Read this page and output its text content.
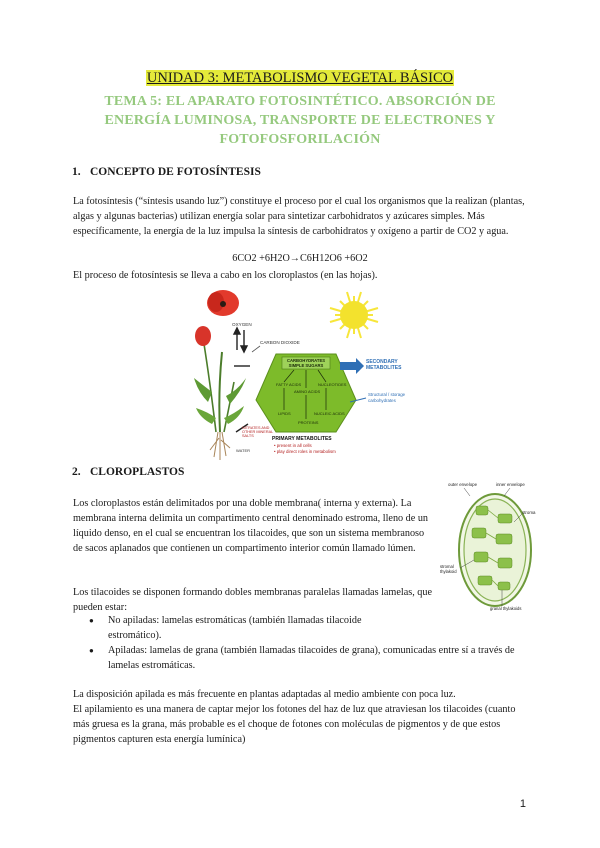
UNIDAD 3: METABOLISMO VEGETAL BÁSICO
TEMA 5: EL APARATO FOTOSINTÉTICO. ABSORCIÓN DE
ENERGÍA LUMINOSA, TRANSPORTE DE ELECTRONES Y
FOTOFOSFORILACIÓN
1. CONCEPTO DE FOTOSÍNTESIS
La fotosíntesis (“síntesis usando luz”) constituye el proceso por el cual los organismos que la realizan (plantas, algas y algunas bacterias) utilizan energía solar para sintetizar carbohidratos y azúcares simples. Más específicamente, la energía de la luz impulsa la síntesis de carbohidratos y oxígeno a partir de CO2 y agua.
6CO2 +6H2O→C6H12O6 +6O2
El proceso de fotosíntesis se lleva a cabo en los cloroplastos (en las hojas).
OXYGEN
CARBON DIOXIDE
CARBOHYDRATES
SIMPLE SUGARS
FATTY ACIDS	NUCLEOTIDES
AMINO ACIDS
LIPIDS	NUCLEIC ACIDS
PROTEINS
SECONDARY
METABOLITES
Structural / storage
carbohydrates
PRIMARY METABOLITES
• present in all cells
• play direct roles in metabolism
NITRATES AND
OTHER MINERAL
SALTS
WATER
2. CLOROPLASTOS
Los cloroplastos están delimitados por una doble membrana( interna y externa). La membrana interna delimita un compartimento central denominado estroma, lleno de un líquido denso, en el cual se encuentran los tilacoides, que son un sistema membranoso de sacos aplanados que contienen un compartimento interior común llamado lúmen.
Los tilacoides se disponen formando dobles membranas paralelas llamadas lamelas, que pueden estar:
● No apiladas: lamelas estromáticas (también llamadas tilacoide estromático).
● Apiladas: lamelas de grana (también llamadas tilacoides de grana), comunicadas entre sí a través de lamelas estromáticas.
La disposición apilada es más frecuente en plantas adaptadas al medio ambiente con poca luz.
El apilamiento es una manera de captar mejor los fotones del haz de luz que atraviesan los tilacoides (cuanto más gruesa es la grana, más probable es el choque de fotones con moléculas de pigmentos y de que estos pigmentos capturen esta energía lumínica)
outer envelope	inner envelope
stroma
stromal
thylakoid
granal thylakoids
1
